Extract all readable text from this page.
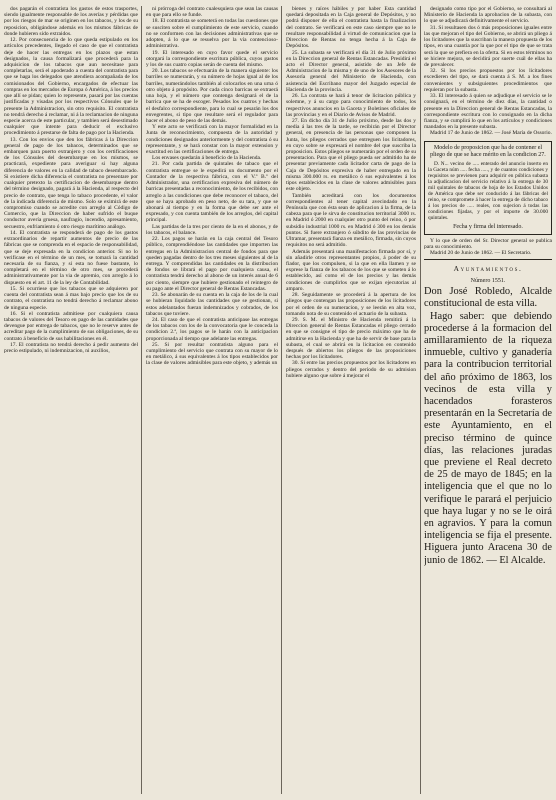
dos pagarán el contratista los gastos de estos trasportes, siendo igualmente responsable de los averías y pérdidas que por los riesgos de mar se originen en los tabacos, y los de su reposicion, obligándose además en los mismos fábricas de donde hubieren sido extraidos.

12. Por consecuencia de lo que queda estipulado en los artículos precedentes, llegado el caso de que el contratista deje de hacer las entregas en los plazos que estan designados, la causa formalizará que procederá para la adquisicion de los tabacos que aun necesitase para completarlas, será el apoderado a cuenta del contratista para que se haga los delegados que atendiera acompañada de los comisionados del Gobierno, encargados de efectuar las compras en los mercados de Europa ó América, á los precios que allí se pidan; quien lo represente, pasará por las cuentas justificadas y visadas por los respectivos Cónsules que le presente la Administracion, sin otro requisito. El contratista no tendrá derecho á reclamar, ni á la reclamacion de ninguna especie acerca de este particular, y tambien será desestimado cualquier que intente para deducir el exclusivo procedimiento á prestarse de falta de pago por la Hacienda.

13. Con los envios que den los fábricas á la Direccion general de pago de los tabacos, determinados que se embarquen para puerto extranjero y con los certificaciones de los Cónsules del desembarque en los mismos, se practicará, expediente para averiguar si hay alguna diferencia de valores en la calidad de tabaco desembarcado. Si existiere dicha diferencia el contratista no presentare por cualquier pretexto la certificacion de desembarque dentro del término designado, pagará á la Hacienda, al respecto del precio de contrato, que tenga lo tabaco procedente, el valor de la indicada diferencia de mismo. Solo se eximirá de este compromiso cuando se acredite con arreglo al Código de Comercio, que la Direccion de haber sufrido el buque conductor avería gruesa, naufragio, incendio, apresamiento, secuestro, enfriamiento ó otro riesgo marítimo análogo.

14. El contratista se responderá de pago de los gastos extraordinarios de repartir aumentos de precio de las fábricas que se comprenda en el espacio de responsabilidad, que se deje expresada en la condicion anterior. Si no lo verificase en el término de un mes, se tomará la cantidad necesaria de su fianza, y si esta no fuese bastante, lo completará en el término de otro mes, se procederá administrativamente por la via de apremio, con arreglo á lo dispuesto en el art. 11 de la ley de Contabilidad.

15. Si ocurriese que los tabacos que se adquieren por cuenta del contratista sean á mas bajo precio que los de su contrato, el contratista no tendrá derecho á reclamar abono de ninguna especie.

16. Si el contratista admitiese por cualquiera causa tabacos de valores del Tesoro en pago de las cantidades que devengue por entrega de tabacos, que no le reserve antes de acreditar pago de la cumplimiento de sus obligaciones, de su contrato á beneficio de sus habilitaciones en él.

17. El contratista no tendrá derecho á pedir aumento del precio estipulado, ni indemnizacion, ni auxilios,

ni prórroga del contrato cualesquiera que sean las causas en que para ello se funde.

18. El contratista se someterá en todas las cuestiones que se susciten sobre el cumplimiento de este servicio, cuando no se conformen con las decisiones administrativas que se adopten, á lo que se resuelva por la vía contencioso-administrativa.

19. El interesado en cuyo favor quede el servicio otorgará la correspondiente escritura pública, cuyos gastos y los de sus cuatro copias serán de cuenta del mismo.

20. Los tabacos se efectuarán de la manera siguiente: los barriles se numerarán, y su número de hojas igual al de los barriles, numerándolos también al colocarlos en una urna ó otro objeto á propósito. Por cada cinco barricas se extraerá una hoja, y el número que contenga designará el de la barrica que se ha de escoger. Pesados los cuatros y hechas el desfalco correspondiente, para lo cual se pesarán los dos envegrentes, si tipo que resultare será el regulador para hacer el abono de peso de las demás.

Y este acto se verificará con la mayor formalidad en la Junta de reconocimiento, compuesta de la autoridad y condiciones designados anteriormente y del contratista ó su representante, y se hará constar con la mayor extension y exactitud en las certificaciones de entrega.

Los envases quedarán á beneficio de la Hacienda.

21. Por cada partida de quintales de tabaco que el contratista entregue se le expedirá un documento por el Contador de la respectiva fábrica, con el V.º B.º del Administrador, una certificacion expresiva del número de barricas presentadas a reconocimiento, de los recibidos, con arreglo a las condiciones que debe reconocer el tabaco, del que se haya aprobado en peso neto, de su tara, y que se abonará al tiempo y en la forma que debe ser ante el expresado, y con cuenta también de los arreglos, del capital principal.

Las partidas de la tres por ciento de la en el abonos, y de los tabacos, el balance.

22. Los pagos se harán en la caja central del Tesoro público, comprendiéndose las cantidades que importen las entregas en la Administracion central de fondos para que queden pagadas dentro de los tres meses siguientes al de la entrega. Y comprendidas las cantidades en la distribucion de fondos se librará el pago por cualquiera causa, el contratista tendrá derecho al abono de un interés anual de 6 por ciento, siempre que hubiere gestionado el reintegro de su pago ante el Director general de Rentas Estancadas.

23. Se abonarán de su cuenta en la caja de los de la cual se hubieran liquidado las cantidades que se gestionan, si estos adelantados fueran indemnizados y cobrados, de los tabacos que tuviere.

24. El caso de que el contratista anticipase las entregas de los tabacos con los de la convocatoria que le conceda la condicion 2.ª, los pagos se le harán con la anticipacion proporcionada al tiempo que adelante las entregas.

25. Si por resultar contratista alguno para el cumplimiento del servicio que contrata con su mayor de lo en metálico, á sus equivalentes á los tipos establecidos por la clase de valores admisibles para este objeto, y además un

bienes y raíces hábiles y por haber Esta cantidad quedará depositada en la Caja general de Depósitos, y no podrá disponer de ella el contratista hasta la finalizacion del contrato. Se verificará en este caso siempre que no le resultare responsabilidad á virtud de comunicacion que la Direccion de Rentas no tenga hecha á la Caja de Depósitos.

25. La subasta se verificará el día 31 de Julio próximo en la Direccion general de Rentas Estancadas. Presidirá el acto el Director general, asistido de un Jefe de Administracion de la misma y de uno de los Asesores de la Asesoría general del Ministerio de Hacienda, con asistencia del Escribano mayor del Juzgado especial de Hacienda de la provincia.

26. La contrata se hará á tenor de licitacion pública y solemne, y á su cargo para conocimiento de todos, los respectivos anuncios en la Gaceta y Boletines oficiales de las provincias y en el Diario de Avisos de Madrid.

27. En dicho día 31 de Julio próximo, desde las dos y media á las tres de la tarde, se recibirán por el Director general, en presencia de las personas que componen la Junta, los pliegos cerrados que entreguen los licitadores, en cuyo sobre se expresará el nombre del que suscriba la proposicion. Estos pliegos se numerarán por el orden de su presentacion. Para que el pliego pueda ser admitido ha de presentar previamente cada licitador carta de pago de la Caja de Depósitos expresiva de haber entregado en la misma 300.000 rs. en metálico ó sus equivalentes á los tipos establecidos en la clase de valores admisibles para este objeto.

También acreditará con los documentos correspondientes al tener capital avecindado en la Península que con ésta sean de aplicacion á la firma, de la cabeza para que le sirva de constitucion territorial 3000 rs. en Madrid ó 2000 en cualquier otro punto del reino, ó por subsidio industrial 1000 rs. en Madrid ó 300 en los demás puntos. Si fuere extranjero ó súbdito de las provincias de Ultramar, presentará fianza en metálico, firmada, sin cuyos requisitos no será admitido.

Además presentará una manifestacion firmada por sí, y sin añadirle otros representantes propios, á poder de su fiador, que los compulsen, si la que en ella llamen y se exprese la fianza de los tabacos de los que se someten á lo establecido, así como el de los precios y las demás condiciones de cumplirlos que se exijan ejecutorias al amparo.

28. Seguidamente se procederá á la apertura de los pliegos que contengan las proposiciones de los licitadores por el orden de su numeracion, y se leerán en alta voz, tomando nota de su contenido el actuario de la subasta.

29. S. M. el Ministro de Hacienda remitirá á la Direccion general de Rentas Estancadas el pliego cerrado en que se consigne el tipo de precio máximo que ha de admitirse en la Hacienda y que ha de servir de base para la subasta, el cual se abrirá en la licitacion en contenido después de abiertos los pliegos de las proposiciones hechas por los licitadores.

30. Si entre las precios propuestos por los licitadores en pliegos cerrados y dentro del período de su admision hubiere alguno que sobre á mejorar el

designado como tipo por el Gobierno, se consultará al Ministerio de Hacienda la aprobacion de la subasta, con lo que se adjudicará definitivamente el servicio.

31. Si resultasen dos ó más proposiciones iguales entre las que mejoran el tipo del Gobierno, se abrirá un pliego á los licitadores que la suscriban la manera propuesta de los tipos, en una cuantía por la que por el tipo de que se trata será la que se prefiera en la oferta. Si en estos términos no se hiciere mejora, se decidirá por suerte cuál de ellas ha de prevalecer.

32. Si los precios propuestos por los licitadores excedieren del tipo, se dará cuenta á S. M. a los fines convenientes y subsiguientes procedimientos que requieran por la subasta.

33. El interesado á quien se adjudique el servicio se le consignará, en el término de diez días, la cantidad o presente en la Direccion general de Rentas Estancadas, la correspondiente escritura con lo consignado en la dicha fianza, y se cumplirá lo que en los artículos y condiciones mandados en la presente subasta.

Madrid 17 de Junio de 1862. — José María de Ossorio.

Modelo de proposicion que ha de contener el pliego de que se hace mérito en la condicion 27.

D. N... vecino de ..... enterado del anuncio inserto en la Gaceta núm ..... fecha ....., y de cuantos condiciones y requisitos se previenen para adquirir en pública subasta la adjudicacion del servicio relativo á la entrega de 30 mil quintales de tabacos de hoja de los Estados Unidos de América que debe ser conducido á las fábricas del reino, se compromete á hacer la entrega de dicho tabaco á los precios de ..... reales, con sujecion á todas las condiciones fijadas, y por el importe de 30.000 quintales.

Fecha y firma del interesado.

Y lo que de orden del Sr. Director general se publica para su conocimiento.

Madrid 20 de Junio de 1862. — El Secretario.

Ayuntamientos.
Número 1551.

Don José Robledo, Alcalde constitucional de esta villa.

Hago saber: que debiendo procederse á la formacion del amillaramiento de la riqueza inmueble, cultivo y ganadería para la contribucion territorial del año próximo de 1863, los vecinos de esta villa y hacendados forasteros presentarán en la Secretaría de este Ayuntamiento, en el preciso término de quince días, las relaciones juradas que previene el Real decreto de 25 de mayo de 1845; en la inteligencia que el que no lo verifique le parará el perjuicio que haya lugar y no se le oirá en agravios. Y para la comun inteligencia se fija el presente. Higuera junto Aracena 30 de junio de 1862. — El Alcalde.
